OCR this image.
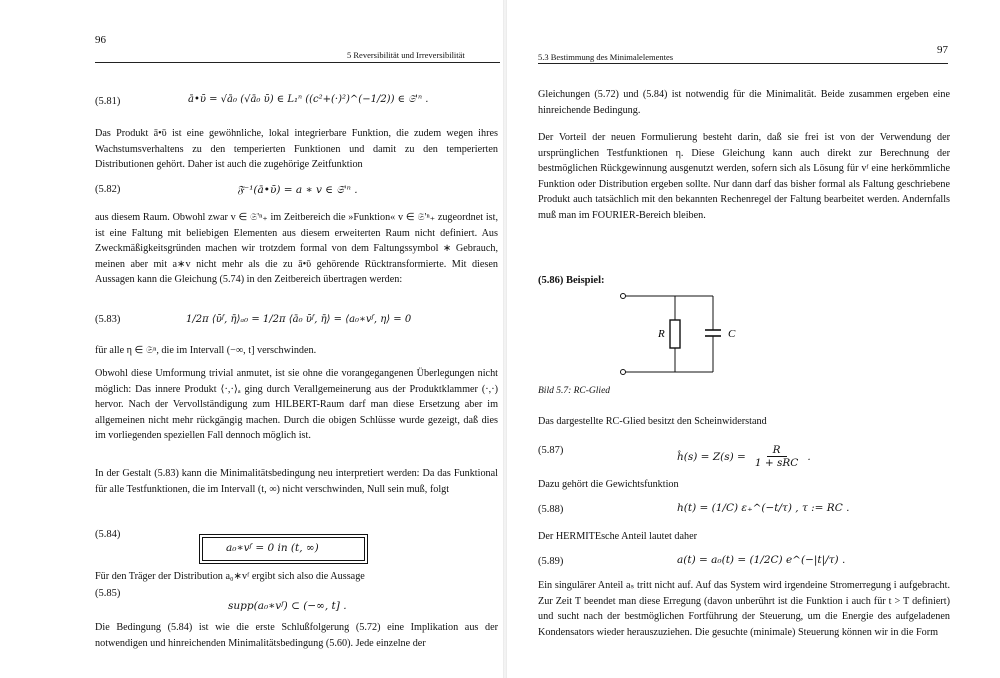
96
5 Reversibilität und Irreversibilität
(5.81)	ā•ῡ = √ā₀ (√ā₀ ῡ) ∈ L₁ⁿ ((c²+(·)²)^(−1/2)) ∈ 𝔖'ⁿ .
Das Produkt ā•ῡ ist eine gewöhnliche, lokal integrierbare Funktion, die zudem wegen ihres Wachstumsverhaltens zu den temperierten Funktionen und damit zu den temperierten Distributionen gehört. Daher ist auch die zugehörige Zeitfunktion
(5.82)	𝔉⁻¹(ā•ῡ) = a ∗ v ∈ 𝔖'ⁿ .
aus diesem Raum. Obwohl zwar v ∈ 𝔖'ⁿ₊ im Zeitbereich die »Funktion« v ∈ 𝔖'ⁿ₊ zugeordnet ist, ist eine Faltung mit beliebigen Elementen aus diesem erweiterten Raum nicht definiert. Aus Zweckmäßigkeitsgründen machen wir trotzdem formal von dem Faltungssymbol ∗ Gebrauch, meinen aber mit a∗v nicht mehr als die zu ā•ῡ gehörende Rücktransformierte. Mit diesen Aussagen kann die Gleichung (5.74) in den Zeitbereich übertragen werden:
(5.83)	1/2π ⟨ῡᶠ, η̄⟩ₐ₀ = 1/2π ⟨ā₀ ῡᶠ, η̄⟩ = ⟨a₀∗vᶠ, η⟩ = 0
für alle η ∈ 𝔖ⁿ, die im Intervall (−∞, t] verschwinden.
Obwohl diese Umformung trivial anmutet, ist sie ohne die vorangegangenen Überlegungen nicht möglich: Das innere Produkt ⟨·,·⟩ₐ ging durch Verallgemeinerung aus der Produktklammer (·,·) hervor. Nach der Vervollständigung zum HILBERT-Raum darf man diese Ersetzung aber im allgemeinen nicht mehr rückgängig machen. Durch die obigen Schlüsse wurde gezeigt, daß dies im vorliegenden speziellen Fall dennoch möglich ist.
In der Gestalt (5.83) kann die Minimalitätsbedingung neu interpretiert werden: Da das Funktional für alle Testfunktionen, die im Intervall (t, ∞) nicht verschwinden, Null sein muß, folgt
(5.84)
a₀∗vᶠ = 0 in (t, ∞)
Für den Träger der Distribution a₀∗vᶠ ergibt sich also die Aussage
(5.85)
supp(a₀∗vᶠ) ⊂ (−∞, t] .
Die Bedingung (5.84) ist wie die erste Schlußfolgerung (5.72) eine Implikation aus der notwendigen und hinreichenden Minimalitätsbedingung (5.60). Jede einzelne der
5.3 Bestimmung des Minimalelementes
97
Gleichungen (5.72) und (5.84) ist notwendig für die Minimalität. Beide zusammen ergeben eine hinreichende Bedingung.
Der Vorteil der neuen Formulierung besteht darin, daß sie frei ist von der Verwendung der ursprünglichen Testfunktionen η. Diese Gleichung kann auch direkt zur Berechnung der bestmöglichen Rückgewinnung ausgenutzt werden, sofern sich als Lösung für vᶠ eine herkömmliche Funktion oder Distribution ergeben sollte. Nur dann darf das bisher formal als Faltung geschriebene Produkt auch tatsächlich mit den bekannten Rechenregel der Faltung bearbeitet werden. Andernfalls muß man im FOURIER-Bereich bleiben.
(5.86) Beispiel:
R	C
Bild 5.7: RC-Glied
Das dargestellte RC-Glied besitzt den Scheinwiderstand
(5.87)	ĥ(s) = Z(s) =
R
1 + sRC
.
Dazu gehört die Gewichtsfunktion
(5.88)	h(t) = (1/C) ε₊^(−t/τ) , τ := RC .
Der HERMITEsche Anteil lautet daher
(5.89)	a(t) = a₀(t) = (1/2C) e^(−|t|/τ) .
Ein singulärer Anteil aₛ tritt nicht auf. Auf das System wird irgendeine Stromerregung i aufgebracht. Zur Zeit T beendet man diese Erregung (davon unberührt ist die Funktion i auch für t > T definiert) und sucht nach der bestmöglichen Fortführung der Steuerung, um die Energie des aufgeladenen Kondensators wieder herauszuziehen. Die gesuchte (minimale) Steuerung können wir in die Form
